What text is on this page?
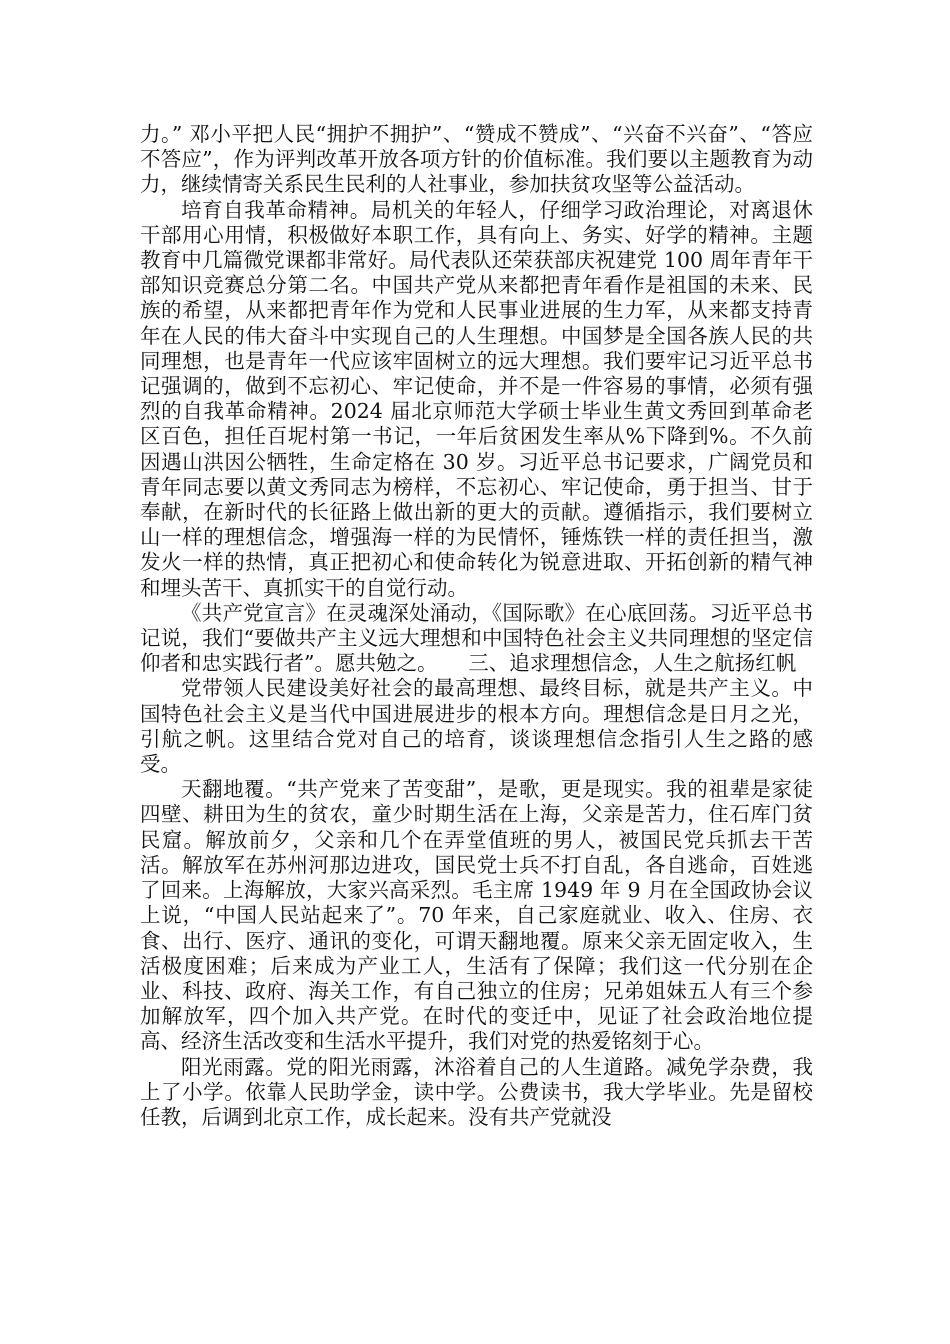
力。” 邓小平把人民“拥护不拥护”、“赞成不赞成”、“兴奋不兴奋”、“答应不答应”，作为评判改革开放各项方针的价值标准。我们要以主题教育为动力，继续情寄关系民生民利的人社事业，参加扶贫攻坚等公益活动。

培育自我革命精神。局机关的年轻人，仔细学习政治理论，对离退休干部用心用情，积极做好本职工作，具有向上、务实、好学的精神。主题教育中几篇微党课都非常好。局代表队还荣获部庆祝建党 100 周年青年干部知识竞赛总分第二名。中国共产党从来都把青年看作是祖国的未来、民族的希望，从来都把青年作为党和人民事业进展的生力军，从来都支持青年在人民的伟大奋斗中实现自己的人生理想。中国梦是全国各族人民的共同理想，也是青年一代应该牢固树立的远大理想。我们要牢记习近平总书记强调的，做到不忘初心、牢记使命，并不是一件容易的事情，必须有强烈的自我革命精神。2024 届北京师范大学硕士毕业生黄文秀回到革命老区百色，担任百坭村第一书记，一年后贫困发生率从%下降到%。不久前因遇山洪因公牺牲，生命定格在 30 岁。习近平总书记要求，广阔党员和青年同志要以黄文秀同志为榜样，不忘初心、牢记使命，勇于担当、甘于奉献，在新时代的长征路上做出新的更大的贡献。遵循指示，我们要树立山一样的理想信念，增强海一样的为民情怀，锤炼铁一样的责任担当，激发火一样的热情，真正把初心和使命转化为锐意进取、开拓创新的精气神和埋头苦干、真抓实干的自觉行动。

《共产党宣言》在灵魂深处涌动，《国际歌》在心底回荡。习近平总书记说，我们“要做共产主义远大理想和中国特色社会主义共同理想的坚定信仰者和忠实践行者”。愿共勉之。　　三、追求理想信念，人生之航扬红帆

党带领人民建设美好社会的最高理想、最终目标，就是共产主义。中国特色社会主义是当代中国进展进步的根本方向。理想信念是日月之光，引航之帆。这里结合党对自己的培育，谈谈理想信念指引人生之路的感受。

天翻地覆。“共产党来了苦变甜”，是歌，更是现实。我的祖辈是家徒四壁、耕田为生的贫农，童少时期生活在上海，父亲是苦力，住石库门贫民窟。解放前夕，父亲和几个在弄堂值班的男人，被国民党兵抓去干苦活。解放军在苏州河那边进攻，国民党士兵不打自乱，各自逃命，百姓逃了回来。上海解放，大家兴高采烈。毛主席 1949 年 9 月在全国政协会议上说，“中国人民站起来了”。70 年来，自己家庭就业、收入、住房、衣食、出行、医疗、通讯的变化，可谓天翻地覆。原来父亲无固定收入，生活极度困难；后来成为产业工人，生活有了保障；我们这一代分别在企业、科技、政府、海关工作，有自己独立的住房；兄弟姐妹五人有三个参加解放军，四个加入共产党。在时代的变迁中，见证了社会政治地位提高、经济生活改变和生活水平提升，我们对党的热爱铭刻于心。

阳光雨露。党的阳光雨露，沐浴着自己的人生道路。减免学杂费，我上了小学。依靠人民助学金，读中学。公费读书，我大学毕业。先是留校任教，后调到北京工作，成长起来。没有共产党就没
